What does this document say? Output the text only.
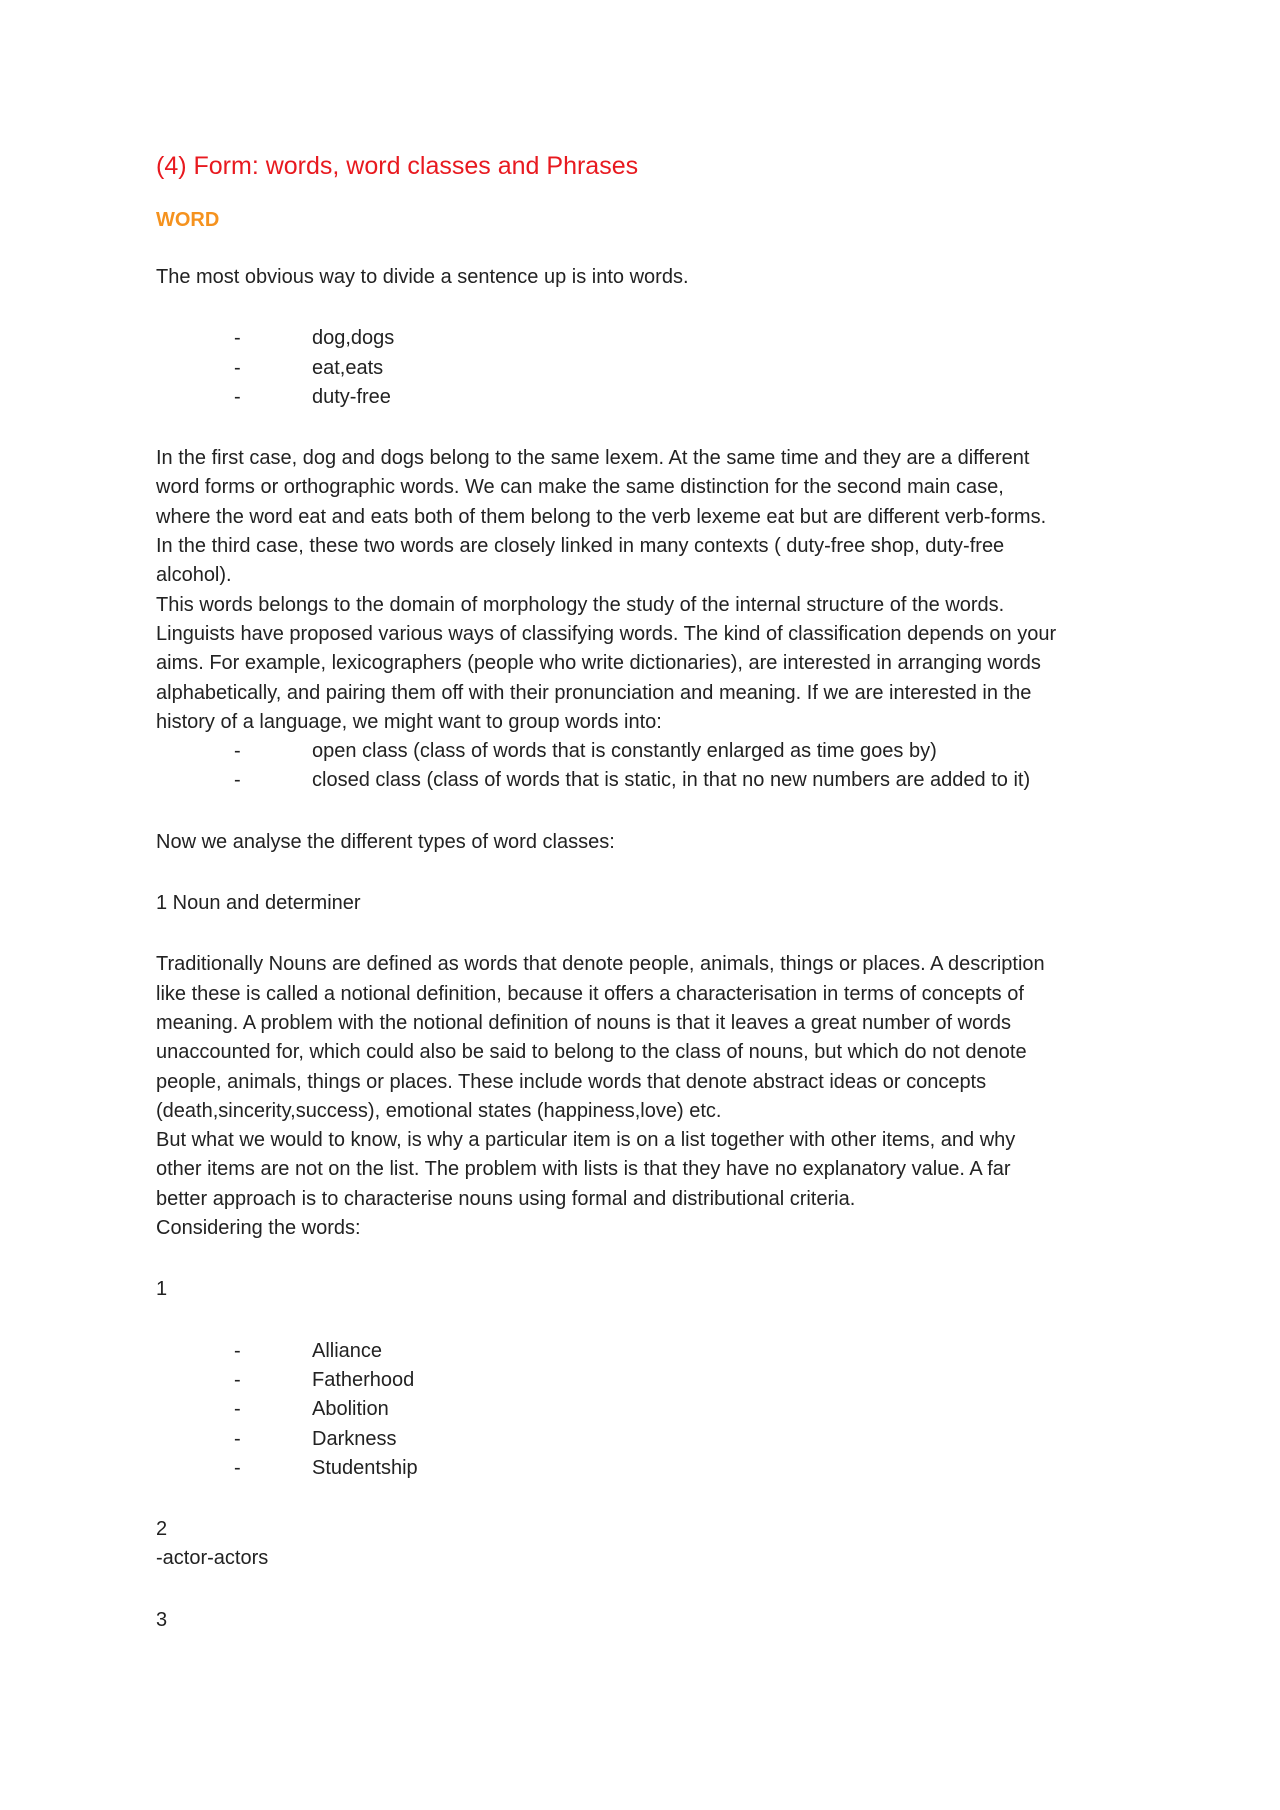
(4) Form: words, word classes and Phrases
WORD

The most obvious way to divide a sentence up is into words.

-	dog,dogs
-	eat,eats
-	duty-free

In the first case, dog and dogs belong to the same lexem. At the same time and they are a different

word forms or orthographic words. We can make the same distinction for the second main case,

where the word eat and eats both of them belong to the verb lexeme eat but are different verb-forms.

In the third case, these two words are closely linked in many contexts ( duty-free shop, duty-free

alcohol).

This words belongs to the domain of morphology the study of the internal structure of the words.

Linguists have proposed various ways of classifying words. The kind of classification depends on your

aims. For example, lexicographers (people who write dictionaries), are interested in arranging words

alphabetically, and pairing them off with their pronunciation and meaning. If we are interested in the

history of a language, we might want to group words into:

-	open class (class of words that is constantly enlarged as time goes by)
-	closed class (class of words that is static, in that no new numbers are added to it)

Now we analyse the different types of word classes:

1 Noun and determiner

Traditionally Nouns are defined as words that denote people, animals, things or places. A description

like these is called a notional definition, because it offers a characterisation in terms of concepts of

meaning. A problem with the notional definition of nouns is that it leaves a great number of words

unaccounted for, which could also be said to belong to the class of nouns, but which do not denote

people, animals, things or places. These include words that denote abstract ideas or concepts

(death,sincerity,success), emotional states (happiness,love) etc.

But what we would to know, is why a particular item is on a list together with other items, and why

other items are not on the list. The problem with lists is that they have no explanatory value. A far

better approach is to characterise nouns using formal and distributional criteria.

Considering the words:

1

-	Alliance
-	Fatherhood
-	Abolition
-	Darkness
-	Studentship

2

-actor-actors

3
